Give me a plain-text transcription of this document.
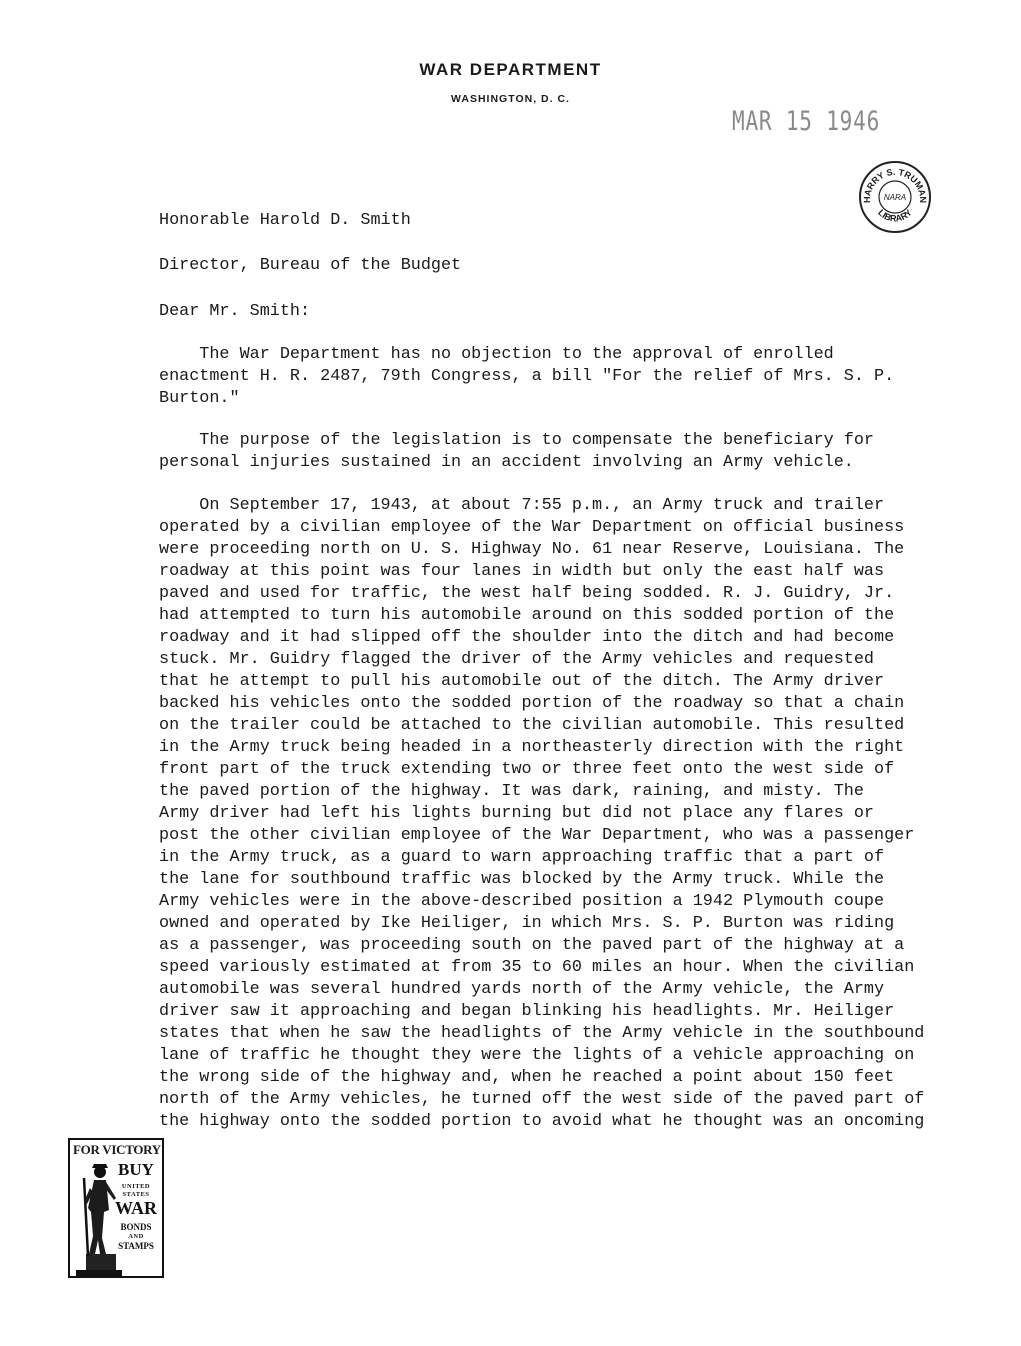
WAR DEPARTMENT
WASHINGTON, D. C.
MAR 15 1946
HARRY S. TRUMAN
LIBRARY
NARA
Honorable Harold D. Smith
Director, Bureau of the Budget
Dear Mr. Smith:
The War Department has no objection to the approval of enrolled
enactment H. R. 2487, 79th Congress, a bill "For the relief of Mrs. S. P.
Burton."
The purpose of the legislation is to compensate the beneficiary for
personal injuries sustained in an accident involving an Army vehicle.
On September 17, 1943, at about 7:55 p.m., an Army truck and trailer
operated by a civilian employee of the War Department on official business
were proceeding north on U. S. Highway No. 61 near Reserve, Louisiana. The
roadway at this point was four lanes in width but only the east half was
paved and used for traffic, the west half being sodded. R. J. Guidry, Jr.
had attempted to turn his automobile around on this sodded portion of the
roadway and it had slipped off the shoulder into the ditch and had become
stuck. Mr. Guidry flagged the driver of the Army vehicles and requested
that he attempt to pull his automobile out of the ditch. The Army driver
backed his vehicles onto the sodded portion of the roadway so that a chain
on the trailer could be attached to the civilian automobile. This resulted
in the Army truck being headed in a northeasterly direction with the right
front part of the truck extending two or three feet onto the west side of
the paved portion of the highway. It was dark, raining, and misty. The
Army driver had left his lights burning but did not place any flares or
post the other civilian employee of the War Department, who was a passenger
in the Army truck, as a guard to warn approaching traffic that a part of
the lane for southbound traffic was blocked by the Army truck. While the
Army vehicles were in the above-described position a 1942 Plymouth coupe
owned and operated by Ike Heiliger, in which Mrs. S. P. Burton was riding
as a passenger, was proceeding south on the paved part of the highway at a
speed variously estimated at from 35 to 60 miles an hour. When the civilian
automobile was several hundred yards north of the Army vehicle, the Army
driver saw it approaching and began blinking his headlights. Mr. Heiliger
states that when he saw the headlights of the Army vehicle in the southbound
lane of traffic he thought they were the lights of a vehicle approaching on
the wrong side of the highway and, when he reached a point about 150 feet
north of the Army vehicles, he turned off the west side of the paved part of
the highway onto the sodded portion to avoid what he thought was an oncoming
FOR VICTORY
BUY
UNITED
STATES
WAR
BONDS
AND
STAMPS
